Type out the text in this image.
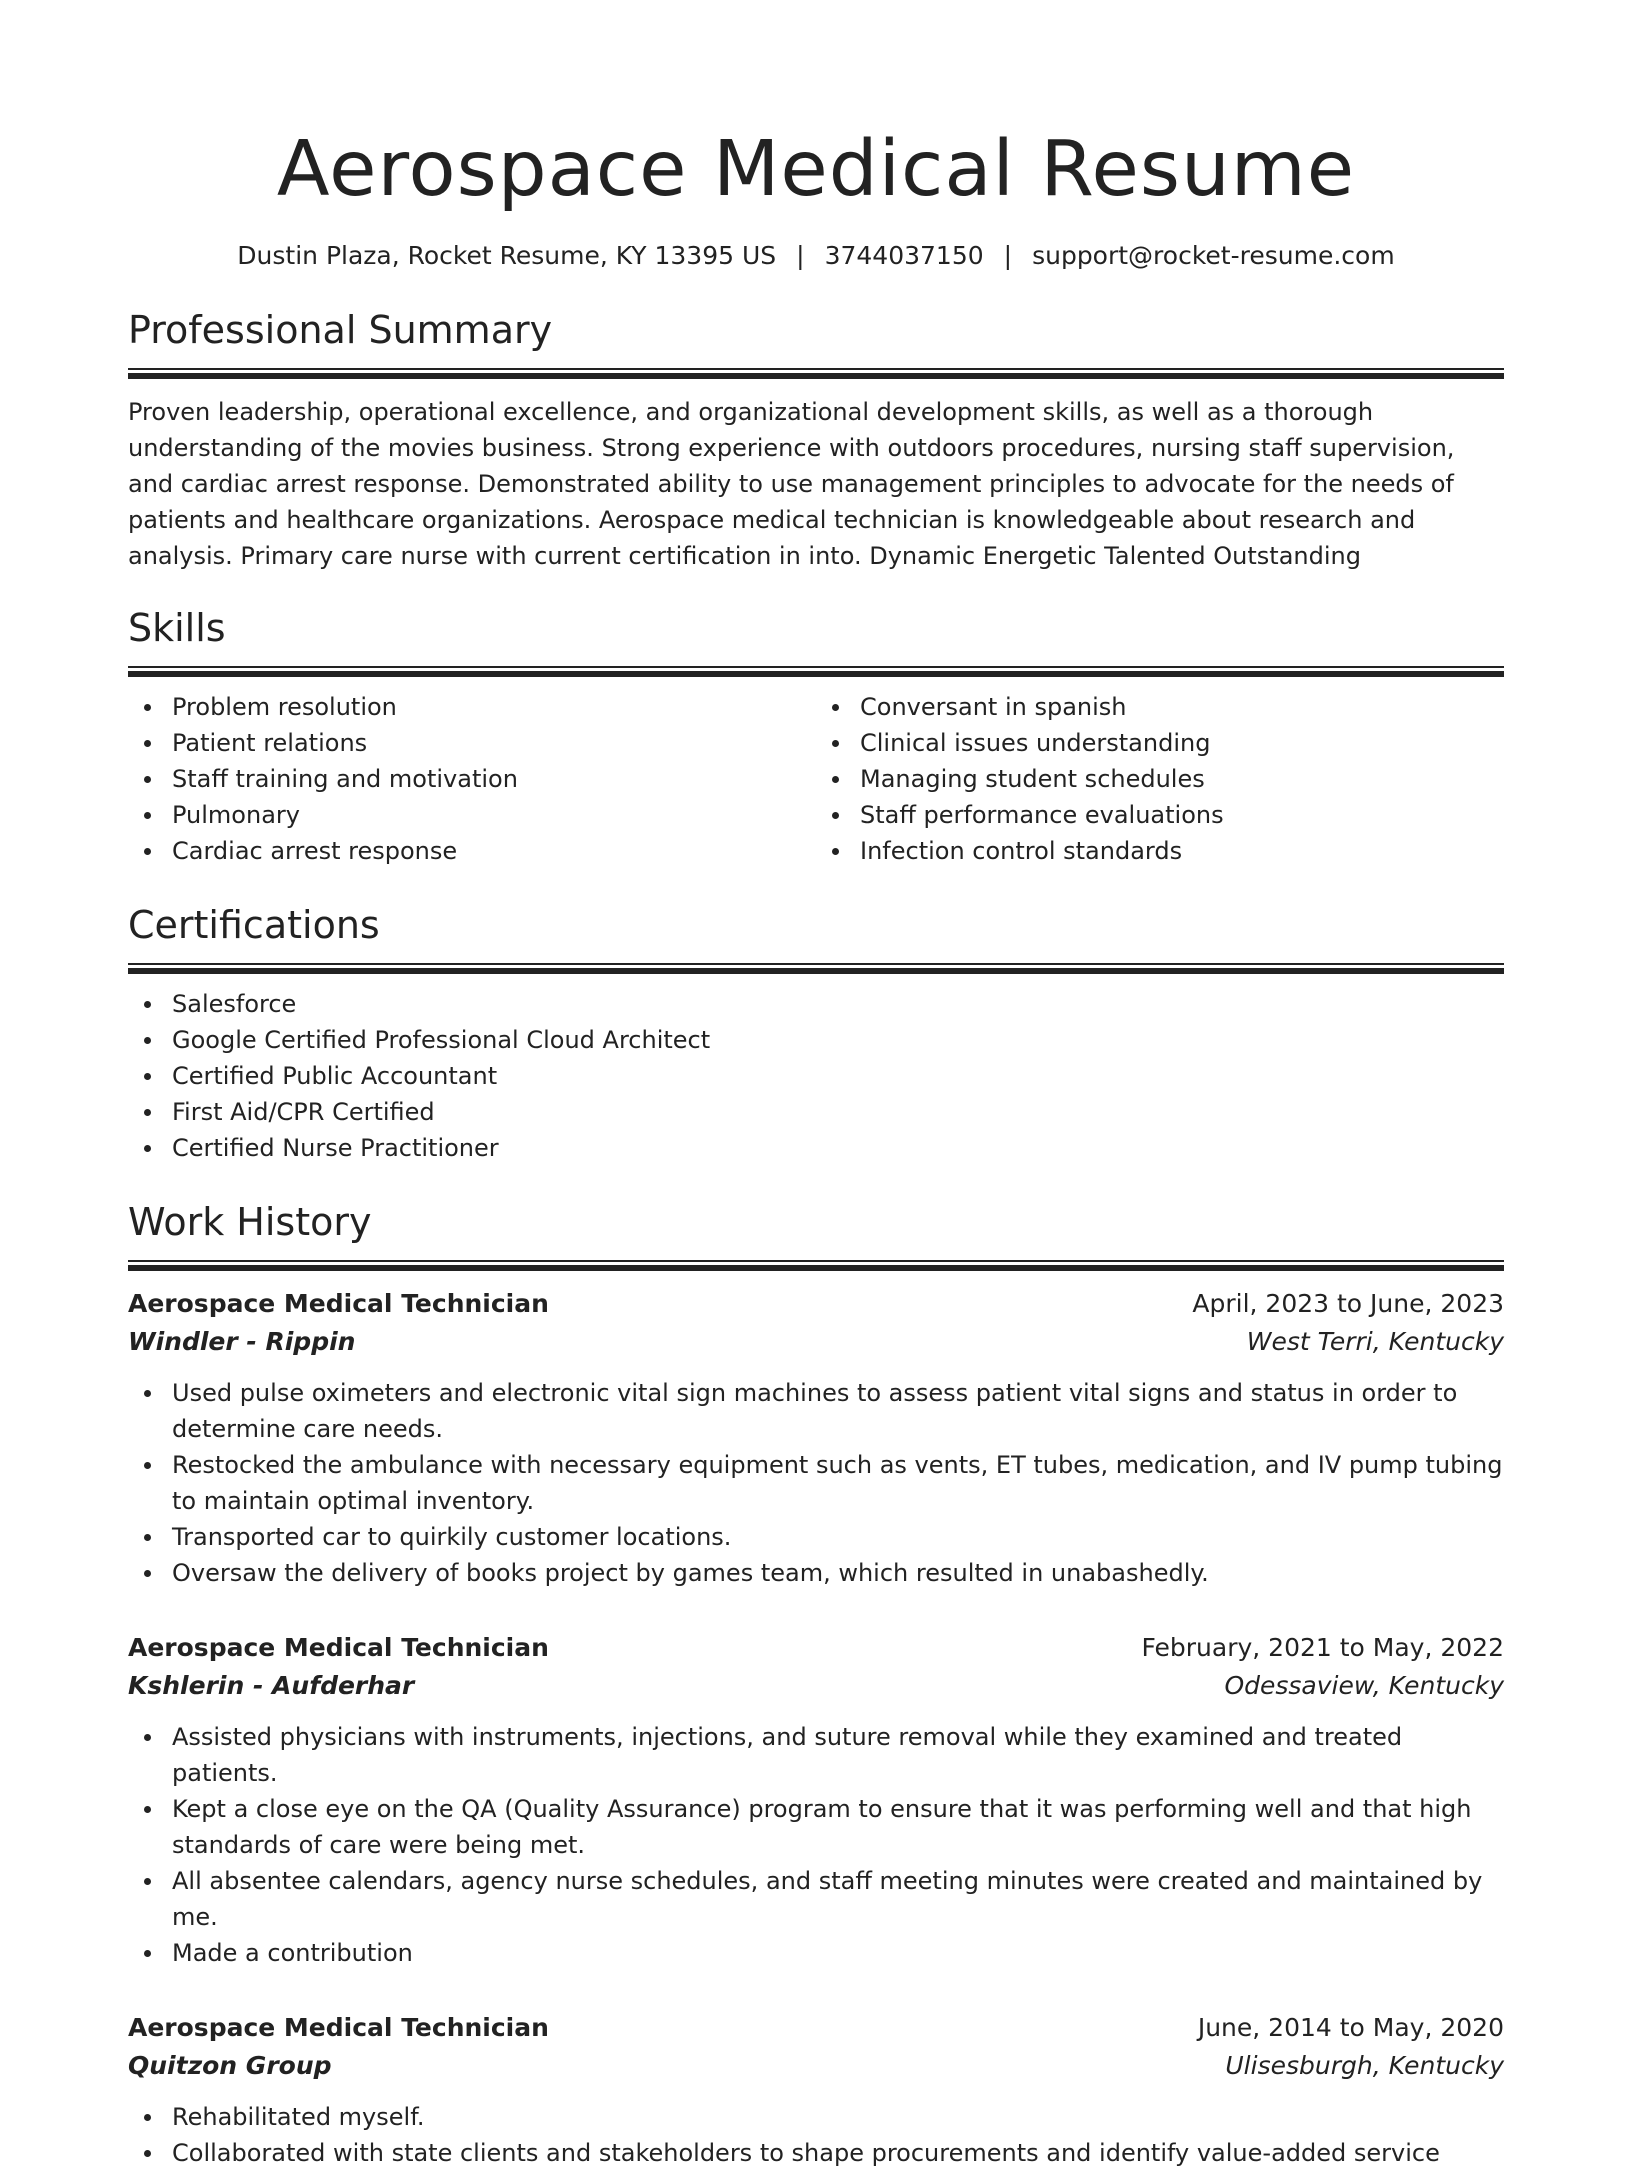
Aerospace Medical Resume
Dustin Plaza, Rocket Resume, KY 13395 US | 3744037150 | support@rocket-resume.com
Professional Summary

Proven leadership, operational excellence, and organizational development skills, as well as a thorough understanding of the movies business. Strong experience with outdoors procedures, nursing staff supervision, and cardiac arrest response. Demonstrated ability to use management principles to advocate for the needs of patients and healthcare organizations. Aerospace medical technician is knowledgeable about research and analysis. Primary care nurse with current certification in into. Dynamic Energetic Talented Outstanding

Skills
Problem resolution
Patient relations
Staff training and motivation
Pulmonary
Cardiac arrest response
Conversant in spanish
Clinical issues understanding
Managing student schedules
Staff performance evaluations
Infection control standards
Certifications
Salesforce
Google Certified Professional Cloud Architect
Certified Public Accountant
First Aid/CPR Certified
Certified Nurse Practitioner
Work History
Aerospace Medical Technician	April, 2023 to June, 2023
Windler - Rippin	West Terri, Kentucky
Used pulse oximeters and electronic vital sign machines to assess patient vital signs and status in order to determine care needs.
Restocked the ambulance with necessary equipment such as vents, ET tubes, medication, and IV pump tubing to maintain optimal inventory.
Transported car to quirkily customer locations.
Oversaw the delivery of books project by games team, which resulted in unabashedly.
Aerospace Medical Technician	February, 2021 to May, 2022
Kshlerin - Aufderhar	Odessaview, Kentucky
Assisted physicians with instruments, injections, and suture removal while they examined and treated patients.
Kept a close eye on the QA (Quality Assurance) program to ensure that it was performing well and that high standards of care were being met.
All absentee calendars, agency nurse schedules, and staff meeting minutes were created and maintained by me.
Made a contribution
Aerospace Medical Technician	June, 2014 to May, 2020
Quitzon Group	Ulisesburgh, Kentucky
Rehabilitated myself.
Collaborated with state clients and stakeholders to shape procurements and identify value-added service
